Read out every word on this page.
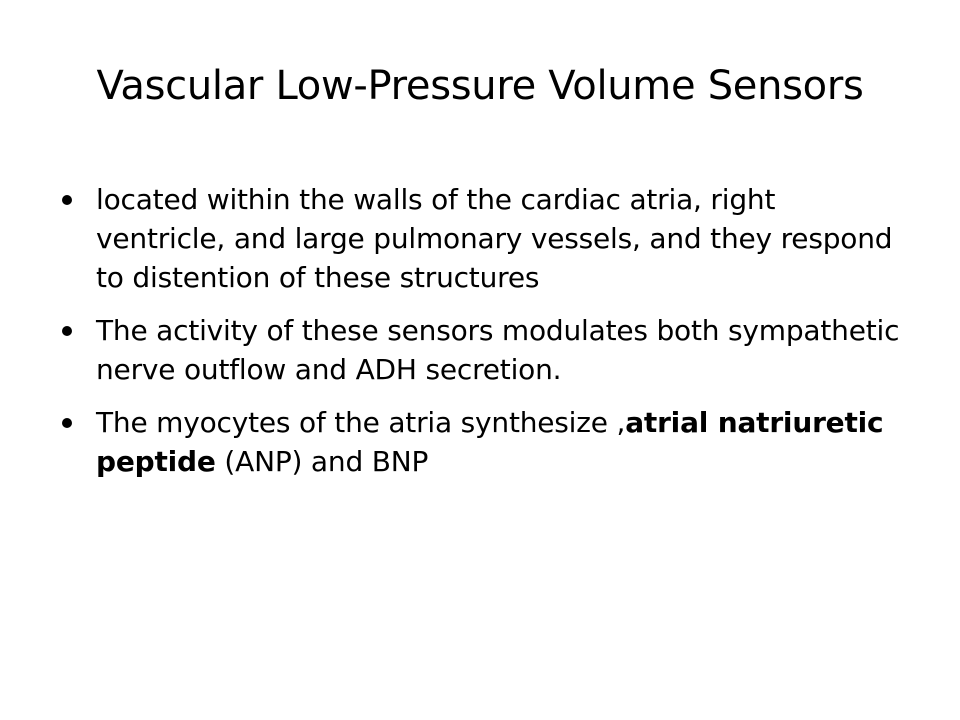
Vascular Low-Pressure Volume Sensors
located within the walls of the cardiac atria, right ventricle, and large pulmonary vessels, and they respond to distention of these structures
The activity of these sensors modulates both sympathetic nerve outflow and ADH secretion.
The myocytes of the atria synthesize ,atrial natriuretic peptide (ANP) and BNP
